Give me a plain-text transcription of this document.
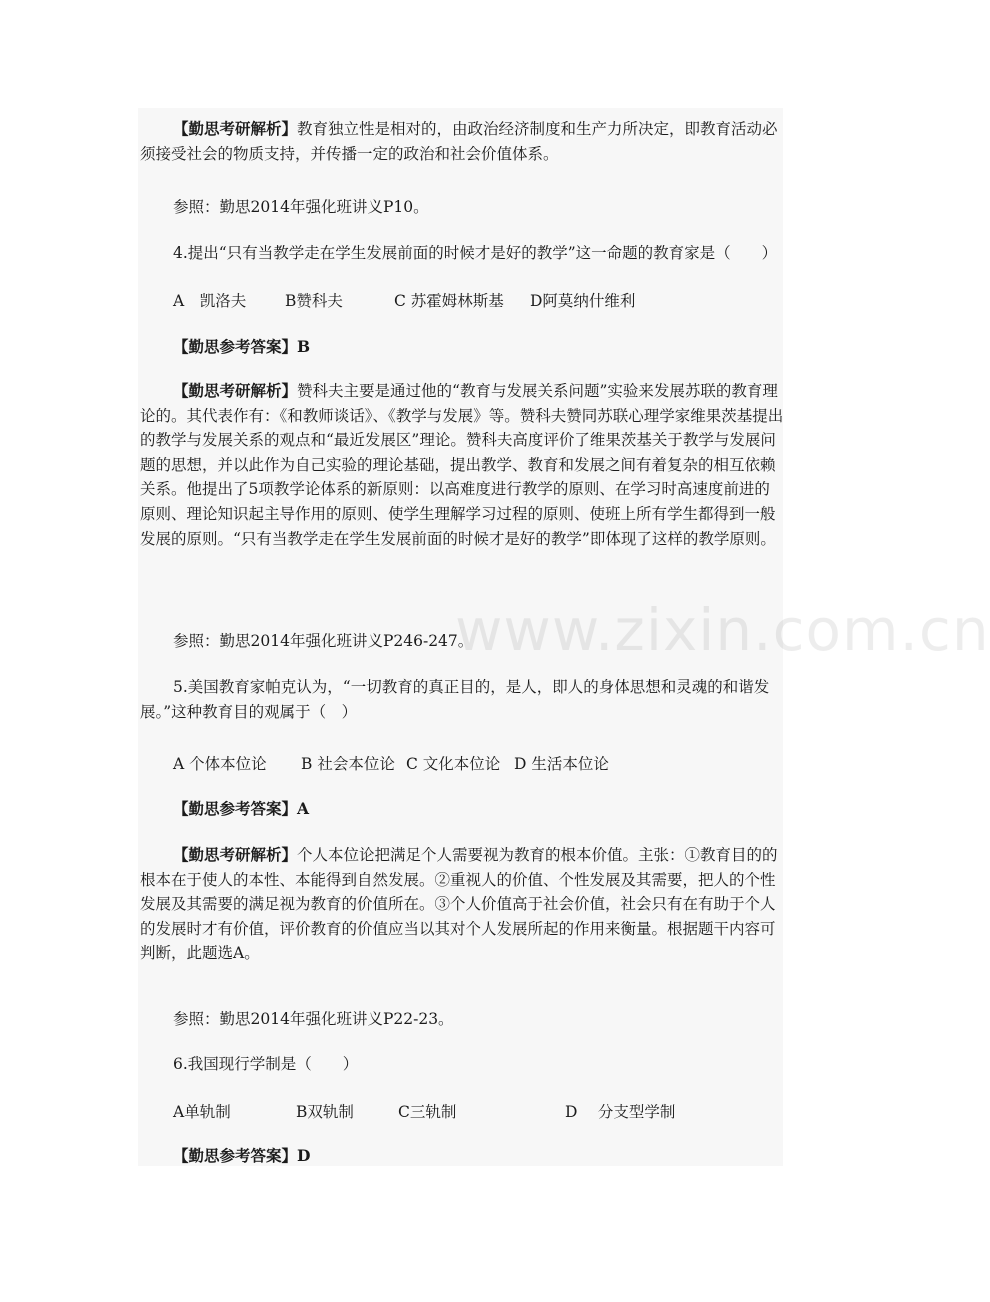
【勤思考研解析】教育独立性是相对的，由政治经济制度和生产力所决定，即教育活动必须接受社会的物质支持，并传播一定的政治和社会价值体系。

参照：勤思2014年强化班讲义P10。

4.提出“只有当教学走在学生发展前面的时候才是好的教学”这一命题的教育家是（　　）

A　凯洛夫	B赞科夫	C 苏霍姆林斯基 D阿莫纳什维利

【勤思参考答案】B

【勤思考研解析】赞科夫主要是通过他的“教育与发展关系问题”实验来发展苏联的教育理论的。其代表作有：《和教师谈话》、《教学与发展》等。赞科夫赞同苏联心理学家维果茨基提出的教学与发展关系的观点和“最近发展区”理论。赞科夫高度评价了维果茨基关于教学与发展问题的思想，并以此作为自己实验的理论基础，提出教学、教育和发展之间有着复杂的相互依赖关系。他提出了5项教学论体系的新原则：以高难度进行教学的原则、在学习时高速度前进的原则、理论知识起主导作用的原则、使学生理解学习过程的原则、使班上所有学生都得到一般发展的原则。“只有当教学走在学生发展前面的时候才是好的教学”即体现了这样的教学原则。

参照：勤思2014年强化班讲义P246-247。

5.美国教育家帕克认为，“一切教育的真正目的，是人，即人的身体思想和灵魂的和谐发展。”这种教育目的观属于（　）

A 个体本位论 B 社会本位论 C 文化本位论 D 生活本位论

【勤思参考答案】A

【勤思考研解析】个人本位论把满足个人需要视为教育的根本价值。主张：①教育目的的根本在于使人的本性、本能得到自然发展。②重视人的价值、个性发展及其需要，把人的个性发展及其需要的满足视为教育的价值所在。③个人价值高于社会价值，社会只有在有助于个人的发展时才有价值，评价教育的价值应当以其对个人发展所起的作用来衡量。根据题干内容可判断，此题选A。

参照：勤思2014年强化班讲义P22-23。

6.我国现行学制是（　　）

A单轨制	B双轨制	C三轨制	D　 分支型学制

【勤思参考答案】D

www.zixin.com.cn
